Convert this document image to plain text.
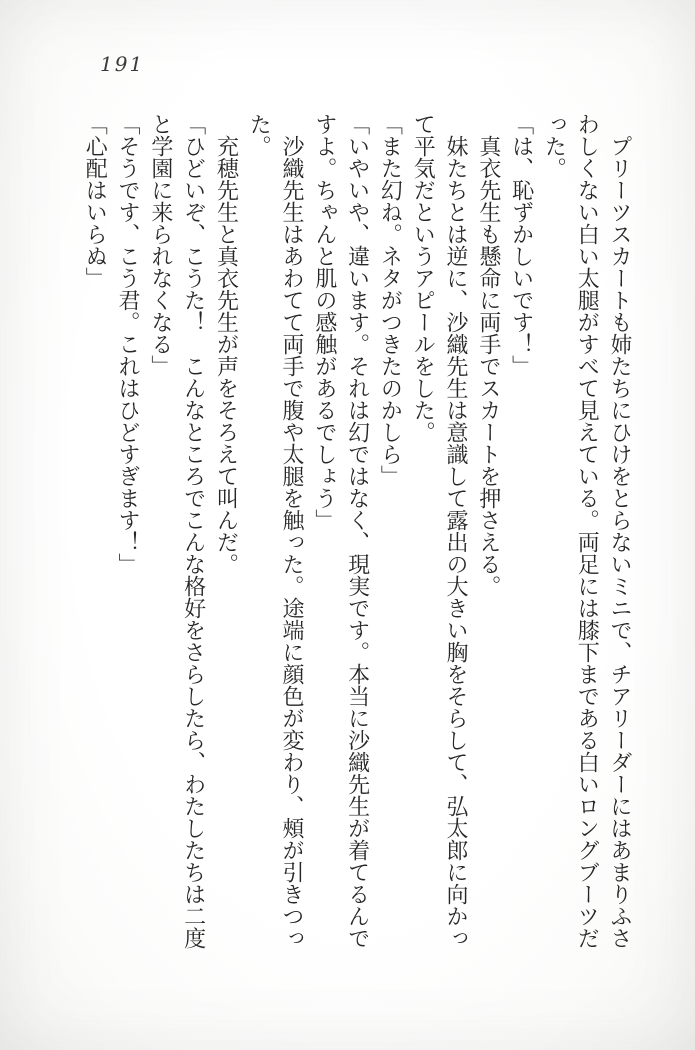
191

　プリーツスカートも姉たちにひけをとらないミニで、チアリーダーにはあまりふさ

わしくない白い太腿がすべて見えている。両足には膝下まである白いロングブーツだ

った。

「は、恥ずかしいです！」

　真衣先生も懸命に両手でスカートを押さえる。

　妹たちとは逆に、沙織先生は意識して露出の大きい胸をそらして、弘太郎に向かっ

て平気だというアピールをした。

「また幻ね。ネタがつきたのかしら」

「いやいや、違います。それは幻ではなく、現実です。本当に沙織先生が着てるんで

すよ。ちゃんと肌の感触があるでしょう」

　沙織先生はあわてて両手で腹や太腿を触った。途端に顔色が変わり、頰が引きつっ

た。

　充穂先生と真衣先生が声をそろえて叫んだ。

「ひどいぞ、こうた！　こんなところでこんな格好をさらしたら、わたしたちは二度

と学園に来られなくなる」

「そうです、こう君。これはひどすぎます！」

「心配はいらぬ」
